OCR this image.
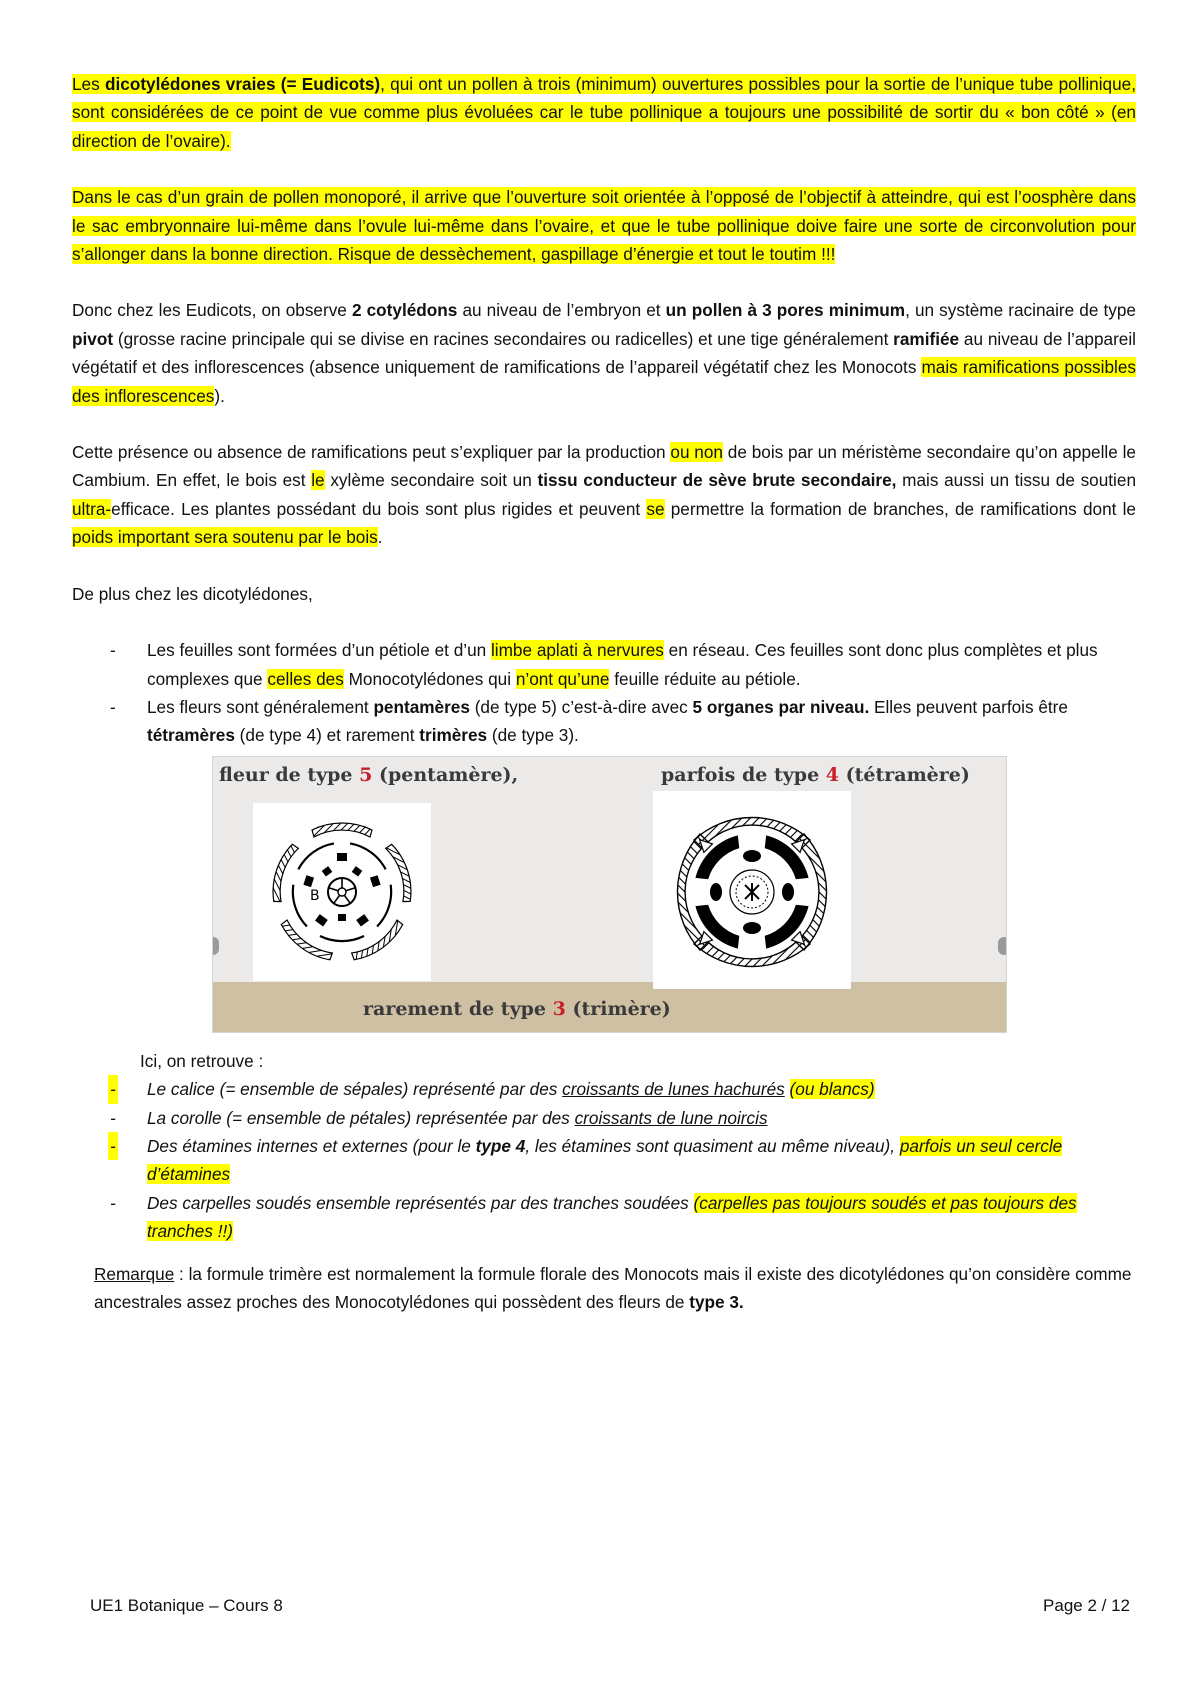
Les dicotylédones vraies (= Eudicots), qui ont un pollen à trois (minimum) ouvertures possibles pour la sortie de l’unique tube pollinique, sont considérées de ce point de vue comme plus évoluées car le tube pollinique a toujours une possibilité de sortir du « bon côté » (en direction de l’ovaire).

Dans le cas d’un grain de pollen monoporé, il arrive que l’ouverture soit orientée à l’opposé de l’objectif à atteindre, qui est l’oosphère dans le sac embryonnaire lui-même dans l’ovule lui-même dans l’ovaire, et que le tube pollinique doive faire une sorte de circonvolution pour s’allonger dans la bonne direction. Risque de dessèchement, gaspillage d’énergie et tout le toutim !!!

Donc chez les Eudicots, on observe 2 cotylédons au niveau de l’embryon et un pollen à 3 pores minimum, un système racinaire de type pivot (grosse racine principale qui se divise en racines secondaires ou radicelles) et une tige généralement ramifiée au niveau de l’appareil végétatif et des inflorescences (absence uniquement de ramifications de l’appareil végétatif chez les Monocots mais ramifications possibles des inflorescences).

Cette présence ou absence de ramifications peut s’expliquer par la production ou non de bois par un méristème secondaire qu’on appelle le Cambium. En effet, le bois est le xylème secondaire soit un tissu conducteur de sève brute secondaire, mais aussi un tissu de soutien ultra-efficace. Les plantes possédant du bois sont plus rigides et peuvent se permettre la formation de branches, de ramifications dont le poids important sera soutenu par le bois.

De plus chez les dicotylédones,

- Les feuilles sont formées d’un pétiole et d’un limbe aplati à nervures en réseau. Ces feuilles sont donc plus complètes et plus complexes que celles des Monocotylédones qui n’ont qu’une feuille réduite au pétiole.
- Les fleurs sont généralement pentamères (de type 5) c’est-à-dire avec 5 organes par niveau. Elles peuvent parfois être tétramères (de type 4) et rarement trimères (de type 3).
fleur de type 5 (pentamère),	parfois de type 4 (tétramère)
rarement de type 3 (trimère)
B

Ici, on retrouve :

- Le calice (= ensemble de sépales) représenté par des croissants de lunes hachurés (ou blancs)
- La corolle (= ensemble de pétales) représentée par des croissants de lune noircis
- Des étamines internes et externes (pour le type 4, les étamines sont quasiment au même niveau), parfois un seul cercle d’étamines
- Des carpelles soudés ensemble représentés par des tranches soudées (carpelles pas toujours soudés et pas toujours des tranches !!)

Remarque : la formule trimère est normalement la formule florale des Monocots mais il existe des dicotylédones qu’on considère comme ancestrales assez proches des Monocotylédones qui possèdent des fleurs de type 3.

UE1 Botanique – Cours 8	Page 2 / 12
